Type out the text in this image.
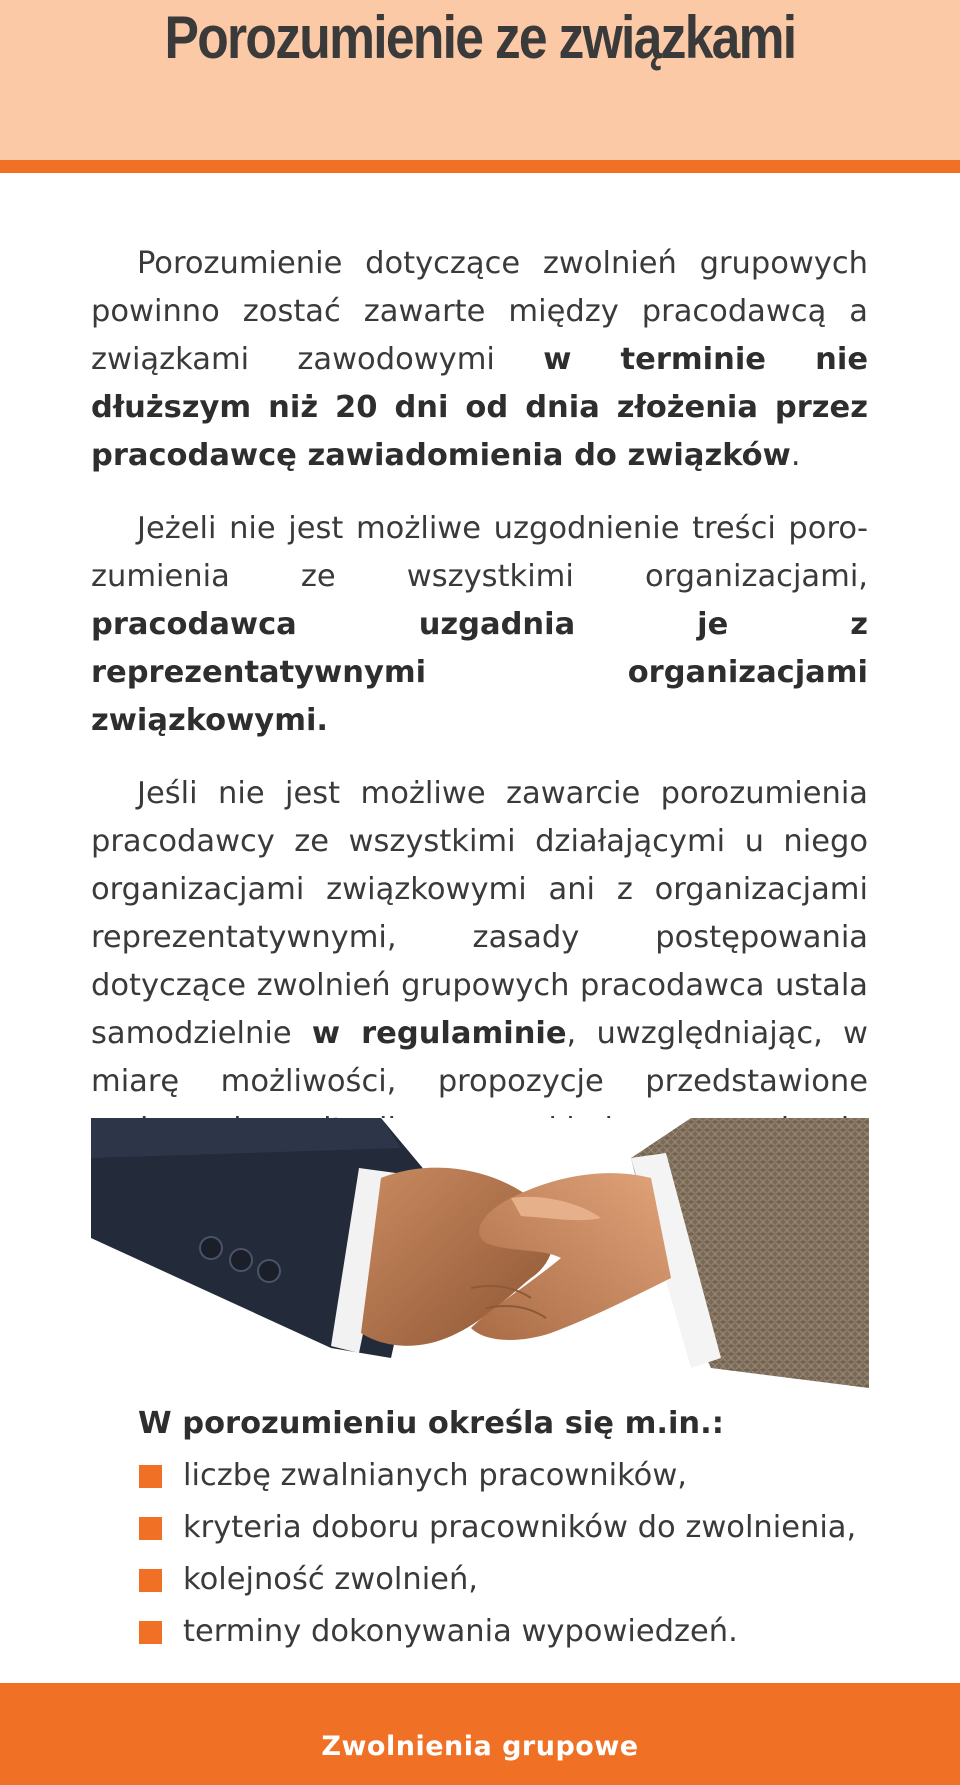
Porozumienie ze związkami

Porozumienie dotyczące zwolnień grupowych powinno zostać zawarte między pracodawcą a związkami zawodowymi w terminie nie dłuższym niż 20 dni od dnia złożenia przez pracodawcę zawiadomienia do związków.

Jeżeli nie jest możliwe uzgodnienie treści porozumienia ze wszystkimi organizacjami, pracodawca uzgadnia je z reprezentatywnymi organizacjami związkowymi.

Jeśli nie jest możliwe zawarcie porozumienia pracodawcy ze wszystkimi działającymi u niego organizacjami związkowymi ani z organizacjami reprezentatywnymi, zasady postępowania dotyczące zwolnień grupowych pracodawca ustala samodzielnie w regulaminie, uwzględniając, w miarę możliwości, propozycje przedstawione

W porozumieniu określa się m.in.:
liczbę zwalnianych pracowników,
kryteria doboru pracowników do zwolnienia,
kolejność zwolnień,
terminy dokonywania wypowiedzeń.
Zwolnienia grupowe
